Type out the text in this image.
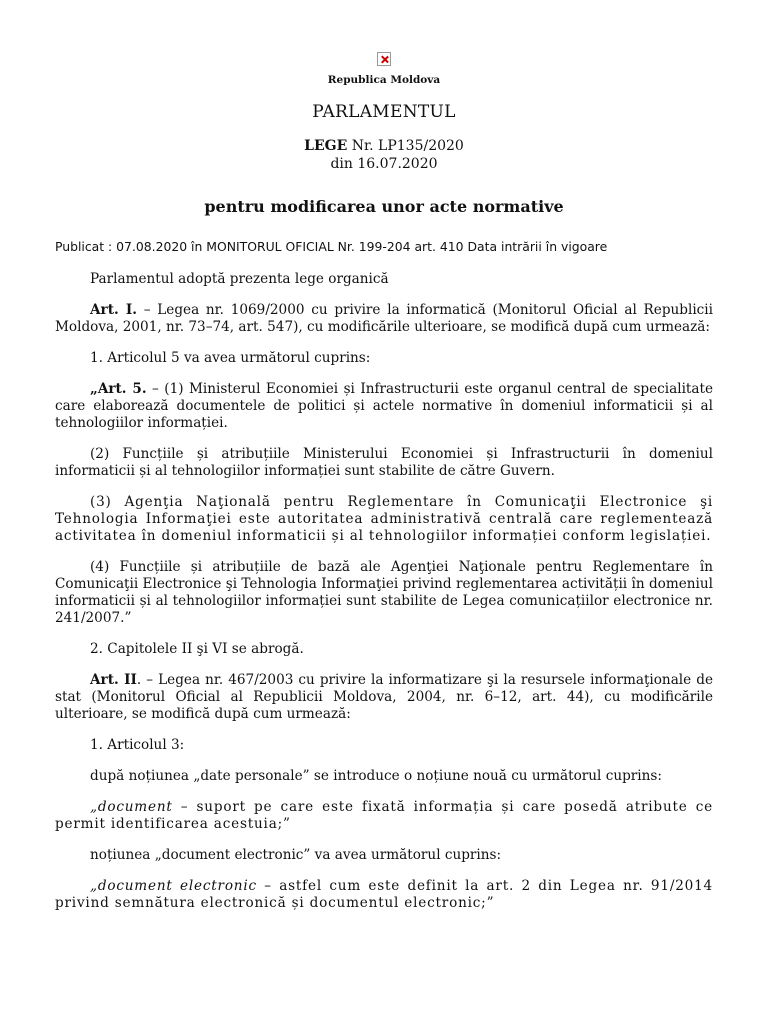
Republica Moldova
PARLAMENTUL
LEGE Nr. LP135/2020
din 16.07.2020
pentru modificarea unor acte normative
Publicat : 07.08.2020 în MONITORUL OFICIAL Nr. 199-204 art. 410 Data intrării în vigoare

Parlamentul adoptă prezenta lege organică

Art. I. – Legea nr. 1069/2000 cu privire la informatică (Monitorul Oficial al Republicii Moldova, 2001, nr. 73–74, art. 547), cu modificările ulterioare, se modifică după cum urmează:

1. Articolul 5 va avea următorul cuprins:

„Art. 5. – (1) Ministerul Economiei și Infrastructurii este organul central de specialitate care elaborează documentele de politici și actele normative în domeniul informaticii și al tehnologiilor informației.

(2) Funcțiile și atribuțiile Ministerului Economiei și Infrastructurii în domeniul informaticii și al tehnologiilor informației sunt stabilite de către Guvern.

(3) Agenţia Naţională pentru Reglementare în Comunicaţii Electronice şi Tehnologia Informaţiei este autoritatea administrativă centrală care reglementează activitatea în domeniul informaticii și al tehnologiilor informației conform legislației.

(4) Funcțiile și atribuțiile de bază ale Agenţiei Naţionale pentru Reglementare în Comunicaţii Electronice şi Tehnologia Informaţiei privind reglementarea activității în domeniul informaticii și al tehnologiilor informației sunt stabilite de Legea comunicațiilor electronice nr. 241/2007.”

2. Capitolele II şi VI se abrogă.

Art. II. – Legea nr. 467/2003 cu privire la informatizare şi la resursele informaţionale de stat (Monitorul Oficial al Republicii Moldova, 2004, nr. 6–12, art. 44), cu modificările ulterioare, se modifică după cum urmează:

1. Articolul 3:

după noțiunea „date personale” se introduce o noțiune nouă cu următorul cuprins:

„document – suport pe care este fixată informația și care posedă atribute ce permit identificarea acestuia;”

noțiunea „document electronic” va avea următorul cuprins:

„document electronic – astfel cum este definit la art. 2 din Legea nr. 91/2014 privind semnătura electronică și documentul electronic;”
